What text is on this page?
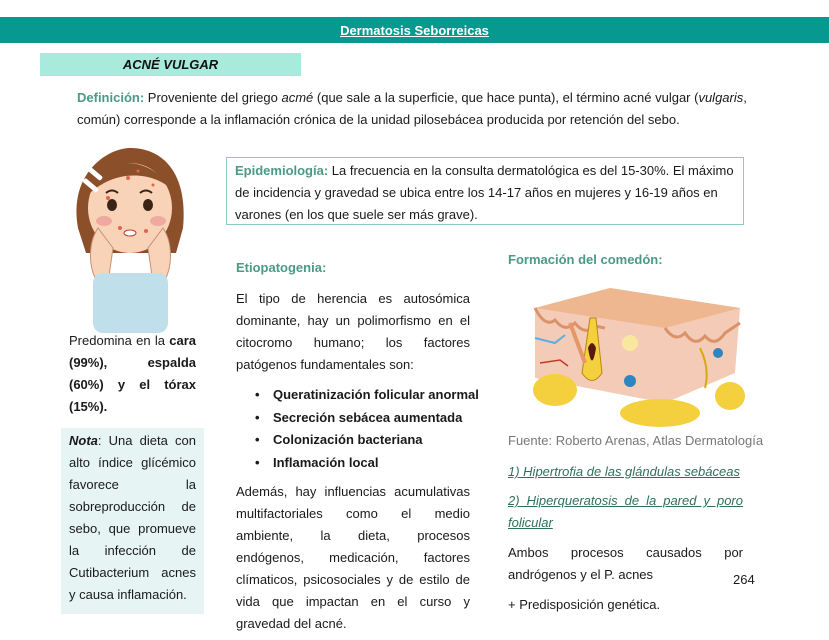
Dermatosis Seborreicas
ACNÉ VULGAR
Definición: Proveniente del griego acmé (que sale a la superficie, que hace punta), el término acné vulgar (vulgaris, común) corresponde a la inflamación crónica de la unidad pilosebácea producida por retención del sebo.
Epidemiología: La frecuencia en la consulta dermatológica es del 15-30%. El máximo de incidencia y gravedad se ubica entre los 14-17 años en mujeres y 16-19 años en varones (en los que suele ser más grave).
Predomina en la cara (99%), espalda (60%) y el tórax (15%).
Nota: Una dieta con alto índice glícémico favorece la sobreproducción de sebo, que promueve la infección de Cutibacterium acnes y causa inflamación.
Etiopatogenia:
El tipo de herencia es autosómica dominante, hay un polimorfismo en el citocromo humano; los factores patógenos fundamentales son:
• Queratinización folicular anormal
• Secreción sebácea aumentada
• Colonización bacteriana
• Inflamación local
Además, hay influencias acumulativas multifactoriales como el medio ambiente, la dieta, procesos endógenos, medicación, factores clímaticos, psicosociales y de estilo de vida que impactan en el curso y gravedad del acné.
Formación del comedón:
Fuente: Roberto Arenas, Atlas Dermatología
1) Hipertrofia de las glándulas sebáceas
2) Hiperqueratosis de la pared y poro folicular
Ambos procesos causados por andrógenos y el P. acnes	264
+ Predisposición genética.
